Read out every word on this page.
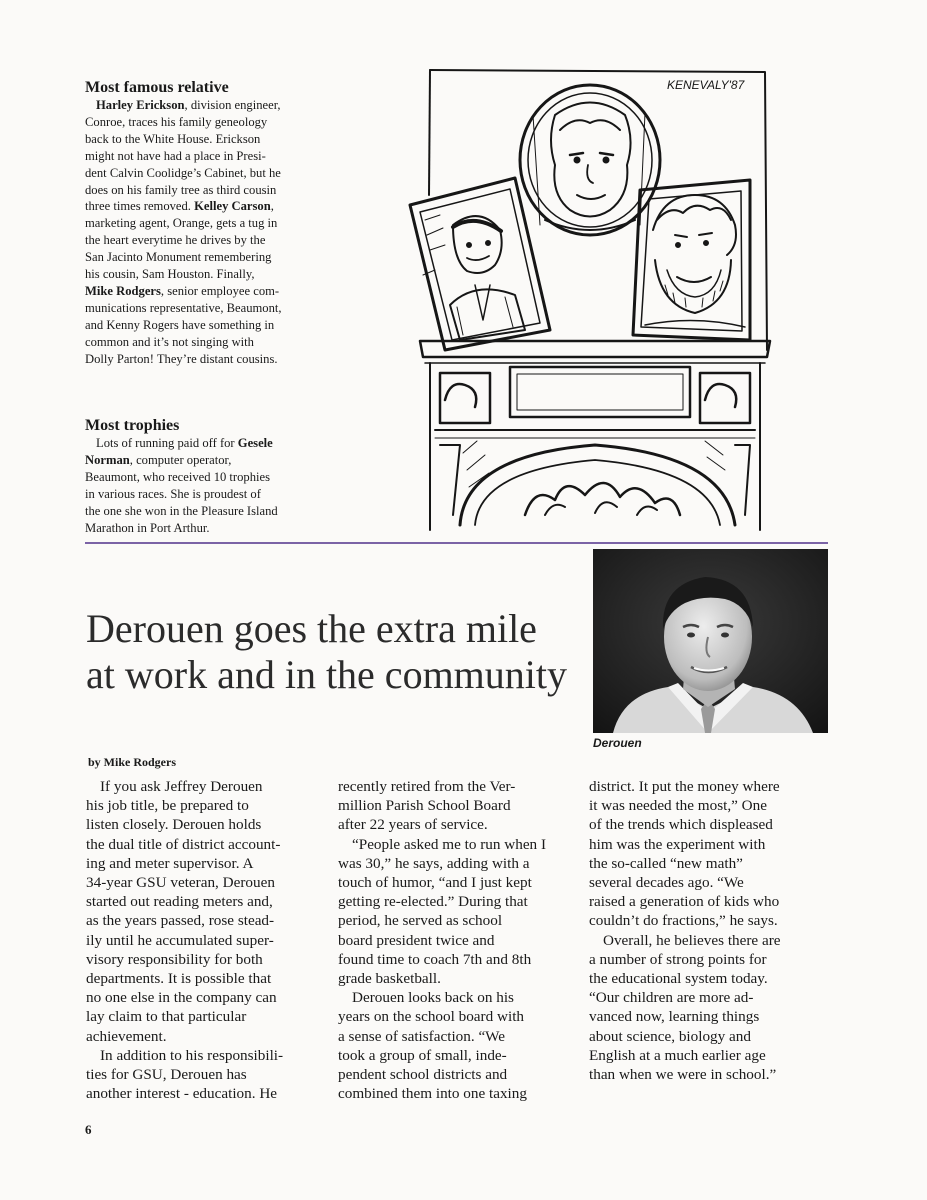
Most famous relative
Harley Erickson, division engineer,
Conroe, traces his family geneology
back to the White House. Erickson
might not have had a place in Presi-
dent Calvin Coolidge’s Cabinet, but he
does on his family tree as third cousin
three times removed. Kelley Carson,
marketing agent, Orange, gets a tug in
the heart everytime he drives by the
San Jacinto Monument remembering
his cousin, Sam Houston. Finally,
Mike Rodgers, senior employee com-
munications representative, Beaumont,
and Kenny Rogers have something in
common and it’s not singing with
Dolly Parton! They’re distant cousins.
Most trophies
Lots of running paid off for Gesele
Norman, computer operator,
Beaumont, who received 10 trophies
in various races. She is proudest of
the one she won in the Pleasure Island
Marathon in Port Arthur.
KENEVALY'87
Derouen goes the extra mile
at work and in the community
Derouen
by Mike Rodgers
If you ask Jeffrey Derouen
his job title, be prepared to
listen closely. Derouen holds
the dual title of district account-
ing and meter supervisor. A
34-year GSU veteran, Derouen
started out reading meters and,
as the years passed, rose stead-
ily until he accumulated super-
visory responsibility for both
departments. It is possible that
no one else in the company can
lay claim to that particular
achievement.
In addition to his responsibili-
ties for GSU, Derouen has
another interest - education. He
recently retired from the Ver-
million Parish School Board
after 22 years of service.
“People asked me to run when I
was 30,” he says, adding with a
touch of humor, “and I just kept
getting re-elected.” During that
period, he served as school
board president twice and
found time to coach 7th and 8th
grade basketball.
Derouen looks back on his
years on the school board with
a sense of satisfaction. “We
took a group of small, inde-
pendent school districts and
combined them into one taxing
district. It put the money where
it was needed the most,” One
of the trends which displeased
him was the experiment with
the so-called “new math”
several decades ago. “We
raised a generation of kids who
couldn’t do fractions,” he says.
Overall, he believes there are
a number of strong points for
the educational system today.
“Our children are more ad-
vanced now, learning things
about science, biology and
English at a much earlier age
than when we were in school.”
6
